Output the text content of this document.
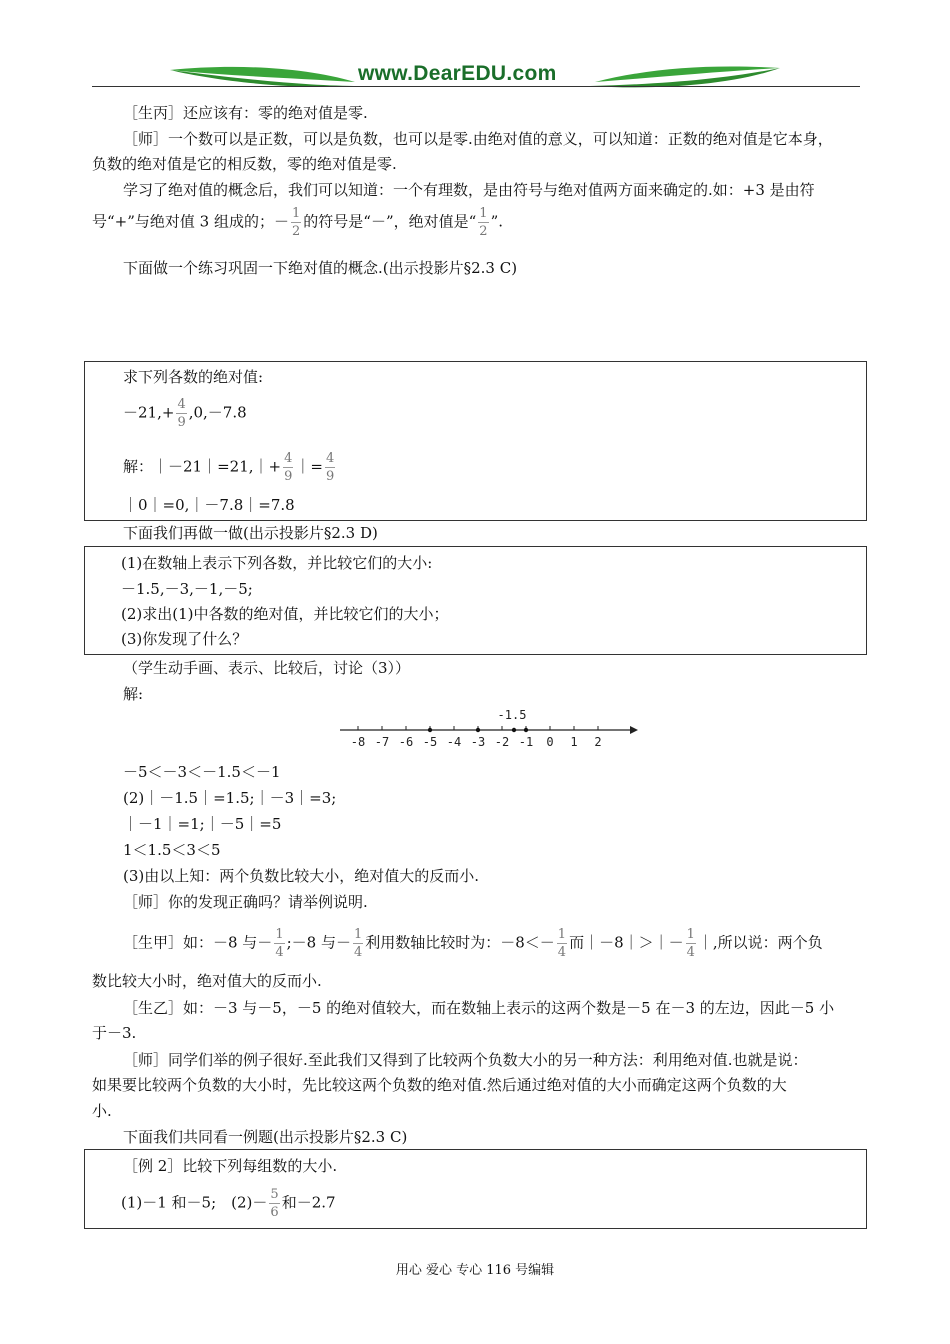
www.DearEDU.com
［生丙］还应该有：零的绝对值是零.
［师］一个数可以是正数，可以是负数，也可以是零.由绝对值的意义，可以知道：正数的绝对值是它本身，
负数的绝对值是它的相反数，零的绝对值是零.
学习了绝对值的概念后，我们可以知道：一个有理数，是由符号与绝对值两方面来确定的.如：+3 是由符
号“+”与绝对值 3 组成的；－ $\frac{1}{2}$ 的符号是“－”，绝对值是“ $\frac{1}{2}$ ”.
下面做一个练习巩固一下绝对值的概念.(出示投影片§2.3 C)
求下列各数的绝对值:
$-21,+ \frac{4}{9} ,0,-7.8$
解：｜－21｜=21,｜+ $\frac{4}{9}$ ｜= $\frac{4}{9}$
｜0｜=0,｜－7.8｜=7.8
下面我们再做一做(出示投影片§2.3 D)
(1)在数轴上表示下列各数，并比较它们的大小:
－1.5,－3,－1,－5;
(2)求出(1)中各数的绝对值，并比较它们的大小；
(3)你发现了什么？
（学生动手画、表示、比较后，讨论（3））
解:
-8 -7 -6 -5 -4 -3 -2 -1 0 1 2
-1.5
－5＜－3＜－1.5＜－1
(2)｜－1.5｜=1.5;｜－3｜=3;
｜－1｜=1;｜－5｜=5
1＜1.5＜3＜5
(3)由以上知：两个负数比较大小，绝对值大的反而小.
［师］你的发现正确吗？请举例说明.
［生甲］如：－8 与－ $\frac{1}{4}$ ;－8 与－ $\frac{1}{4}$ 利用数轴比较时为：$-8<- \frac{1}{4}$ 而｜－8｜＞｜－ $\frac{1}{4}$ ｜,所以说：两个负
数比较大小时，绝对值大的反而小.
［生乙］如：－3 与－5，－5 的绝对值较大，而在数轴上表示的这两个数是－5 在－3 的左边，因此－5 小
于－3.
［师］同学们举的例子很好.至此我们又得到了比较两个负数大小的另一种方法：利用绝对值.也就是说：
如果要比较两个负数的大小时，先比较这两个负数的绝对值.然后通过绝对值的大小而确定这两个负数的大
小.
下面我们共同看一例题(出示投影片§2.3 C)
［例 2］比较下列每组数的大小.
(1)－1 和－5;　$(2)- \frac{5}{6}$ 和－2.7
用心 爱心 专心 116 号编辑
